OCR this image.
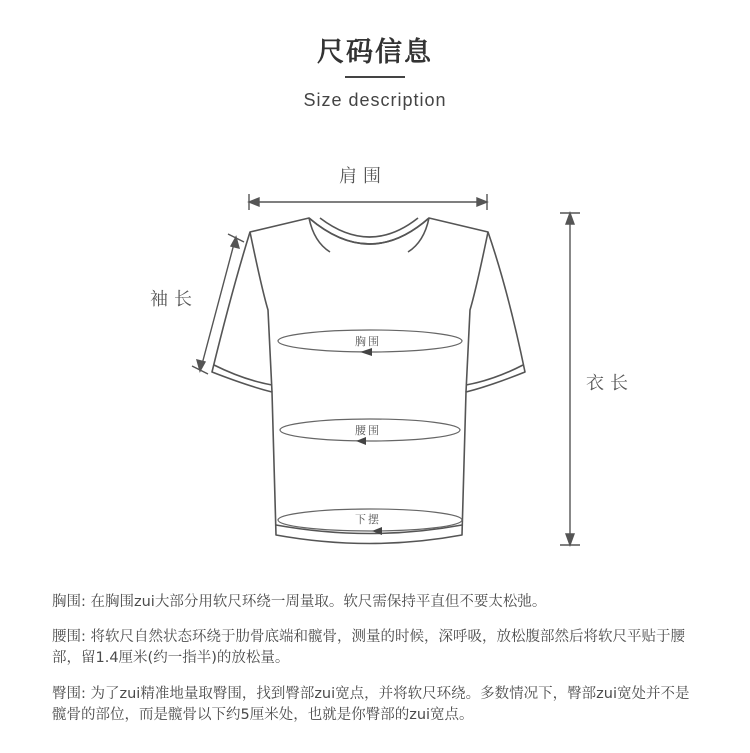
尺码信息
Size description
肩围
袖长
衣长
胸围
腰围
下摆

胸围: 在胸围zui大部分用软尺环绕一周量取。软尺需保持平直但不要太松弛。

腰围: 将软尺自然状态环绕于肋骨底端和髋骨，测量的时候，深呼吸，放松腹部然后将软尺平贴于腰部，留1.4厘米(约一指半)的放松量。

臀围: 为了zui精准地量取臀围，找到臀部zui宽点，并将软尺环绕。多数情况下，臀部zui宽处并不是髋骨的部位，而是髋骨以下约5厘米处，也就是你臀部的zui宽点。
